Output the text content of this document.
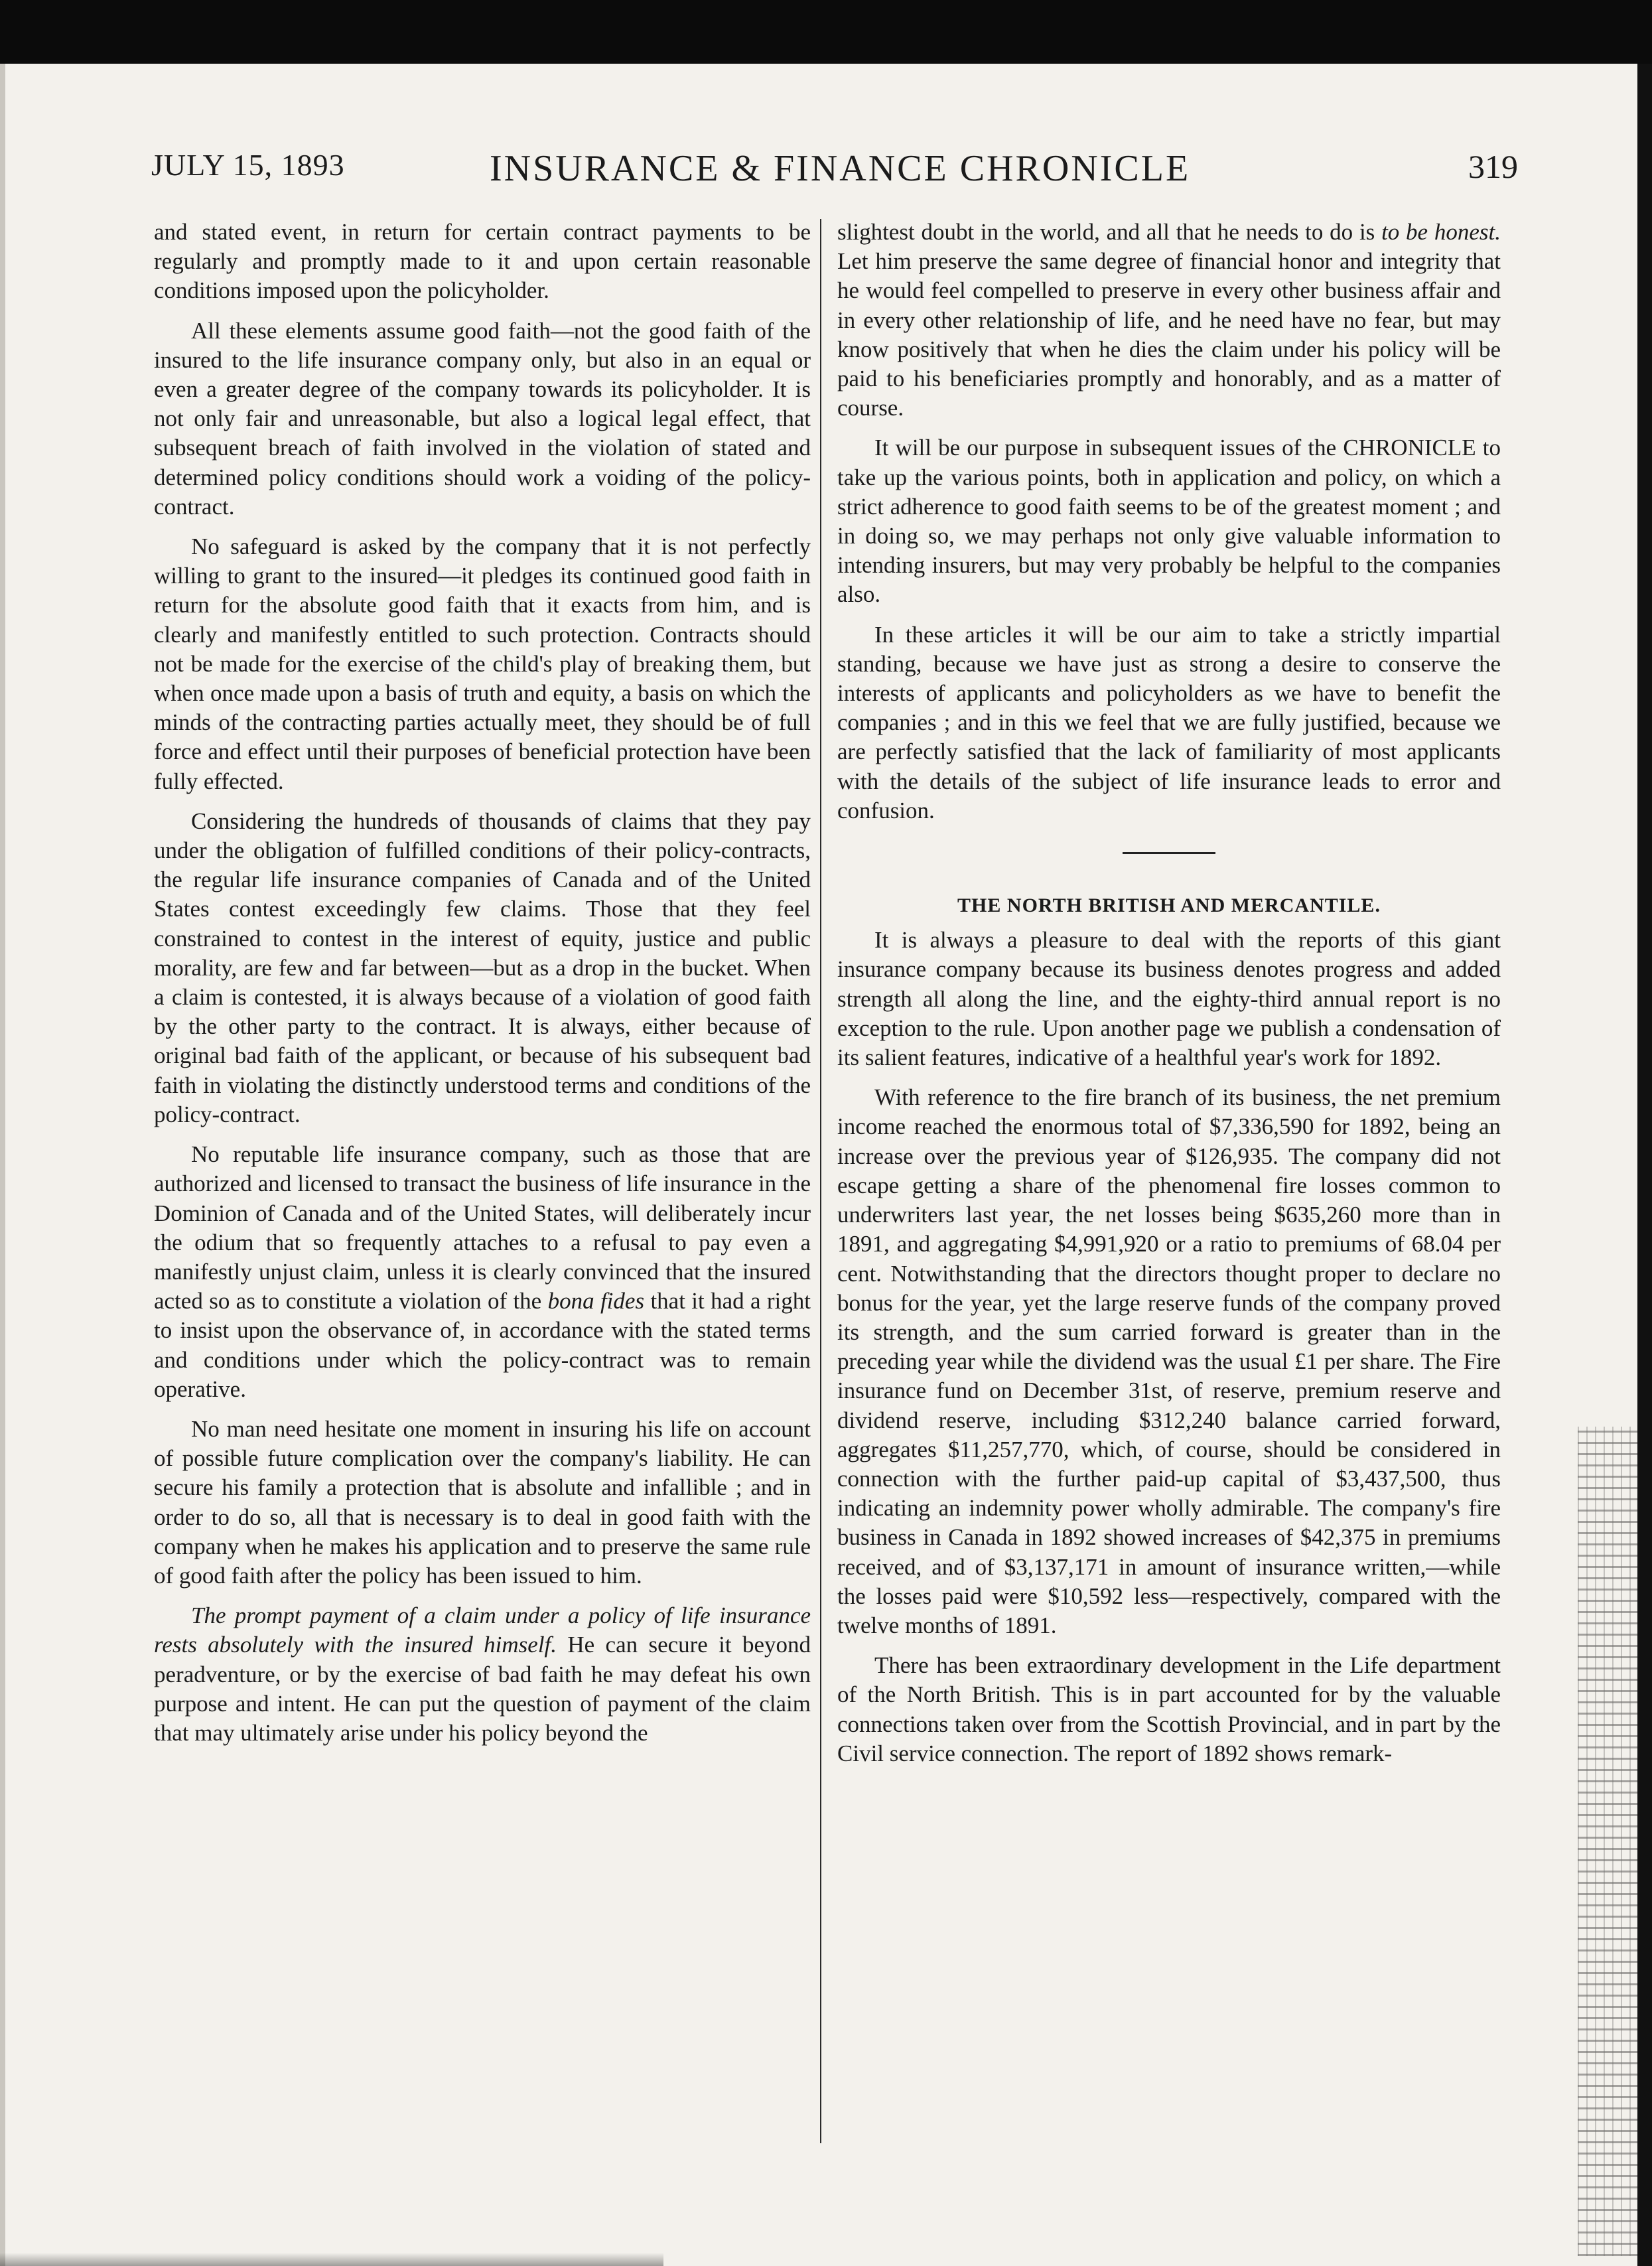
JULY 15, 1893	INSURANCE & FINANCE CHRONICLE	319

and stated event, in return for certain contract payments to be regularly and promptly made to it and upon certain reasonable conditions imposed upon the policyholder.

All these elements assume good faith—not the good faith of the insured to the life insurance company only, but also in an equal or even a greater degree of the company towards its policyholder. It is not only fair and unreasonable, but also a logical legal effect, that subsequent breach of faith involved in the violation of stated and determined policy conditions should work a voiding of the policy-contract.

No safeguard is asked by the company that it is not perfectly willing to grant to the insured—it pledges its continued good faith in return for the absolute good faith that it exacts from him, and is clearly and manifestly entitled to such protection. Contracts should not be made for the exercise of the child's play of breaking them, but when once made upon a basis of truth and equity, a basis on which the minds of the contracting parties actually meet, they should be of full force and effect until their purposes of beneficial protection have been fully effected.

Considering the hundreds of thousands of claims that they pay under the obligation of fulfilled conditions of their policy-contracts, the regular life insurance companies of Canada and of the United States contest exceedingly few claims. Those that they feel constrained to contest in the interest of equity, justice and public morality, are few and far between—but as a drop in the bucket. When a claim is contested, it is always because of a violation of good faith by the other party to the contract. It is always, either because of original bad faith of the applicant, or because of his subsequent bad faith in violating the distinctly understood terms and conditions of the policy-contract.

No reputable life insurance company, such as those that are authorized and licensed to transact the business of life insurance in the Dominion of Canada and of the United States, will deliberately incur the odium that so frequently attaches to a refusal to pay even a manifestly unjust claim, unless it is clearly convinced that the insured acted so as to constitute a violation of the bona fides that it had a right to insist upon the observance of, in accordance with the stated terms and conditions under which the policy-contract was to remain operative.

No man need hesitate one moment in insuring his life on account of possible future complication over the company's liability. He can secure his family a protection that is absolute and infallible ; and in order to do so, all that is necessary is to deal in good faith with the company when he makes his application and to preserve the same rule of good faith after the policy has been issued to him.

The prompt payment of a claim under a policy of life insurance rests absolutely with the insured himself. He can secure it beyond peradventure, or by the exercise of bad faith he may defeat his own purpose and intent. He can put the question of payment of the claim that may ultimately arise under his policy beyond the

slightest doubt in the world, and all that he needs to do is to be honest. Let him preserve the same degree of financial honor and integrity that he would feel compelled to preserve in every other business affair and in every other relationship of life, and he need have no fear, but may know positively that when he dies the claim under his policy will be paid to his beneficiaries promptly and honorably, and as a matter of course.

It will be our purpose in subsequent issues of the CHRONICLE to take up the various points, both in application and policy, on which a strict adherence to good faith seems to be of the greatest moment ; and in doing so, we may perhaps not only give valuable information to intending insurers, but may very probably be helpful to the companies also.

In these articles it will be our aim to take a strictly impartial standing, because we have just as strong a desire to conserve the interests of applicants and policyholders as we have to benefit the companies ; and in this we feel that we are fully justified, because we are perfectly satisfied that the lack of familiarity of most applicants with the details of the subject of life insurance leads to error and confusion.

THE NORTH BRITISH AND MERCANTILE.

It is always a pleasure to deal with the reports of this giant insurance company because its business denotes progress and added strength all along the line, and the eighty-third annual report is no exception to the rule. Upon another page we publish a condensation of its salient features, indicative of a healthful year's work for 1892.

With reference to the fire branch of its business, the net premium income reached the enormous total of $7,336,590 for 1892, being an increase over the previous year of $126,935. The company did not escape getting a share of the phenomenal fire losses common to underwriters last year, the net losses being $635,260 more than in 1891, and aggregating $4,991,920 or a ratio to premiums of 68.04 per cent. Notwithstanding that the directors thought proper to declare no bonus for the year, yet the large reserve funds of the company proved its strength, and the sum carried forward is greater than in the preceding year while the dividend was the usual £1 per share. The Fire insurance fund on December 31st, of reserve, premium reserve and dividend reserve, including $312,240 balance carried forward, aggregates $11,257,770, which, of course, should be considered in connection with the further paid-up capital of $3,437,500, thus indicating an indemnity power wholly admirable. The company's fire business in Canada in 1892 showed increases of $42,375 in premiums received, and of $3,137,171 in amount of insurance written,—while the losses paid were $10,592 less—respectively, compared with the twelve months of 1891.

There has been extraordinary development in the Life department of the North British. This is in part accounted for by the valuable connections taken over from the Scottish Provincial, and in part by the Civil service connection. The report of 1892 shows remark-
